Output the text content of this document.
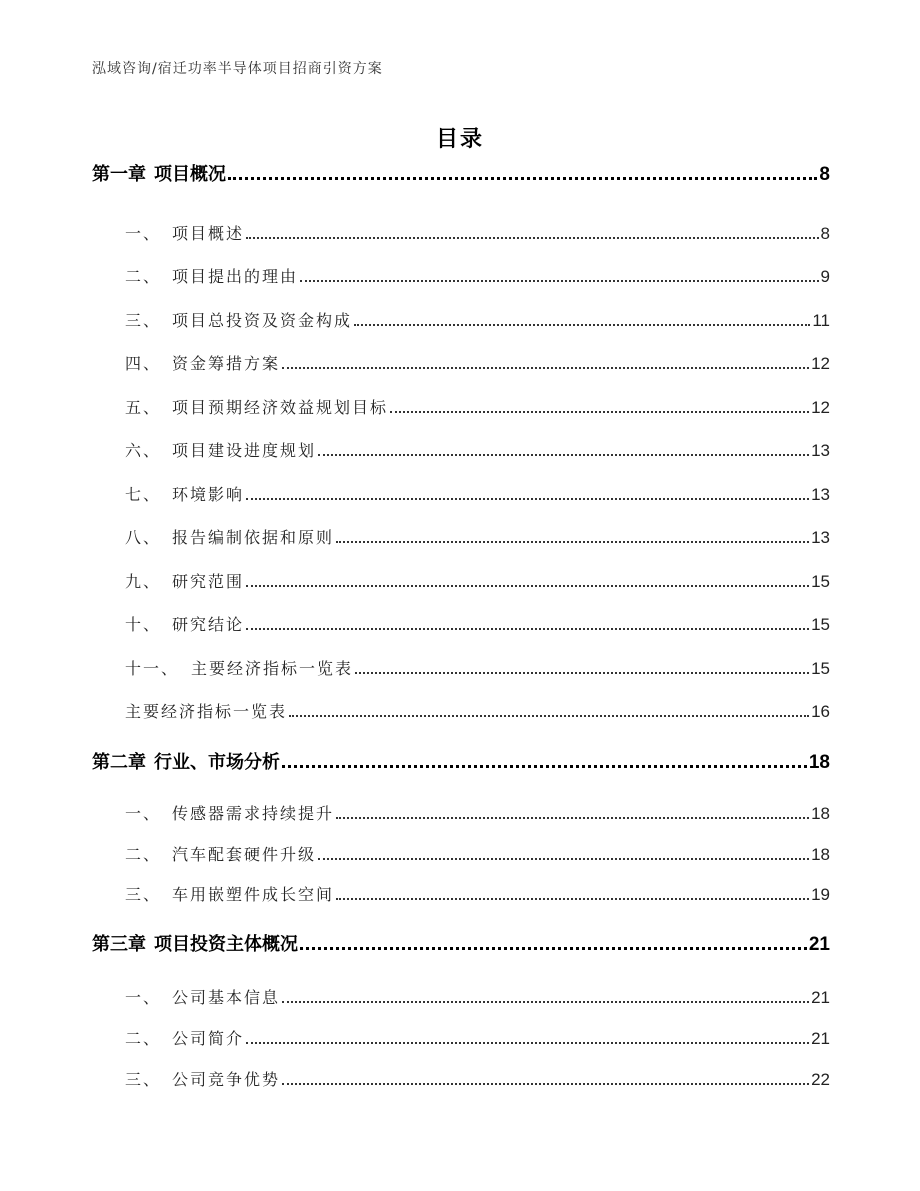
泓域咨询/宿迁功率半导体项目招商引资方案
目录
第一章 项目概况	8
一、 项目概述	8
二、 项目提出的理由	9
三、 项目总投资及资金构成	11
四、 资金筹措方案	12
五、 项目预期经济效益规划目标	12
六、 项目建设进度规划	13
七、 环境影响	13
八、 报告编制依据和原则	13
九、 研究范围	15
十、 研究结论	15
十一、 主要经济指标一览表	15
主要经济指标一览表	16
第二章 行业、市场分析	18
一、 传感器需求持续提升	18
二、 汽车配套硬件升级	18
三、 车用嵌塑件成长空间	19
第三章 项目投资主体概况	21
一、 公司基本信息	21
二、 公司简介	21
三、 公司竞争优势	22
